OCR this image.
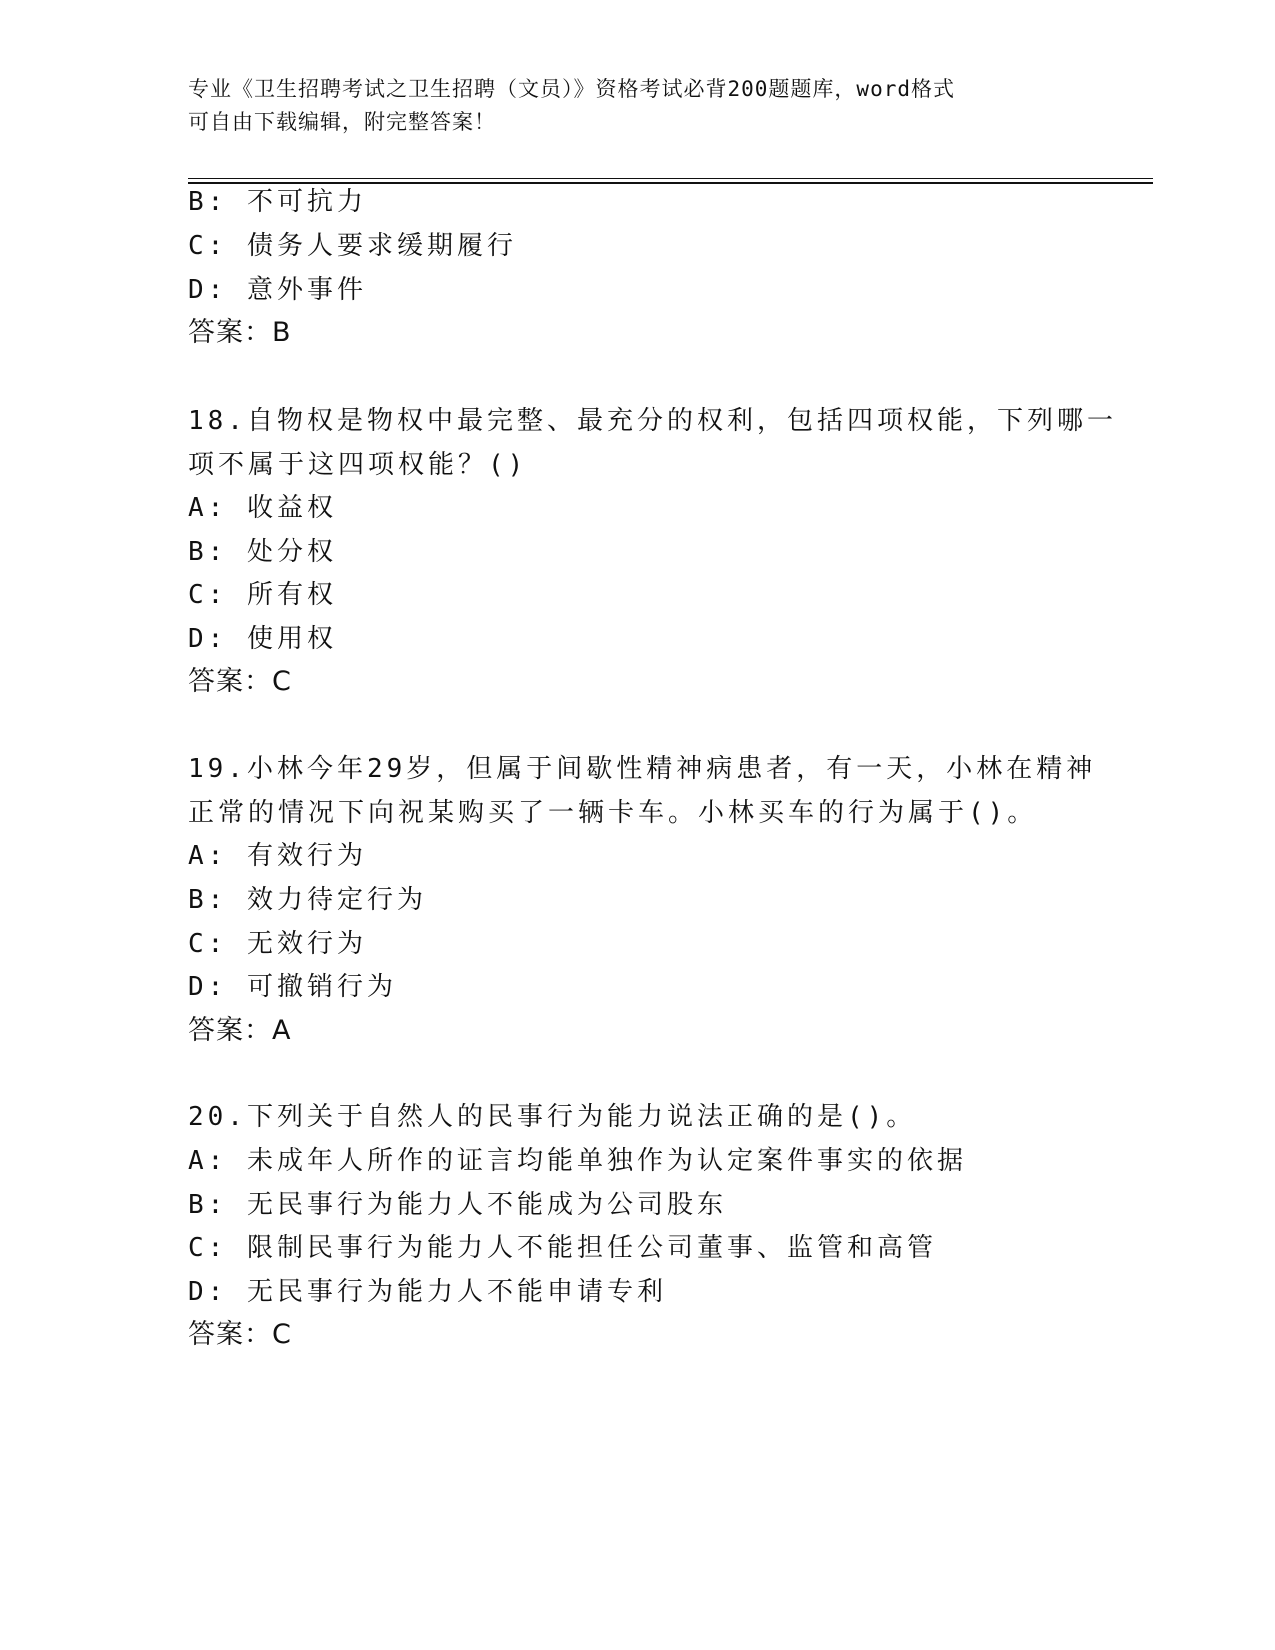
专业《卫生招聘考试之卫生招聘（文员）》资格考试必背200题题库，word格式
可自由下载编辑，附完整答案！
B: 不可抗力
C: 债务人要求缓期履行
D: 意外事件
答案：B
18.自物权是物权中最完整、最充分的权利，包括四项权能，下列哪一
项不属于这四项权能？()
A: 收益权
B: 处分权
C: 所有权
D: 使用权
答案：C
19.小林今年29岁，但属于间歇性精神病患者，有一天，小林在精神
正常的情况下向祝某购买了一辆卡车。小林买车的行为属于()。
A: 有效行为
B: 效力待定行为
C: 无效行为
D: 可撤销行为
答案：A
20.下列关于自然人的民事行为能力说法正确的是()。
A: 未成年人所作的证言均能单独作为认定案件事实的依据
B: 无民事行为能力人不能成为公司股东
C: 限制民事行为能力人不能担任公司董事、监管和高管
D: 无民事行为能力人不能申请专利
答案：C
